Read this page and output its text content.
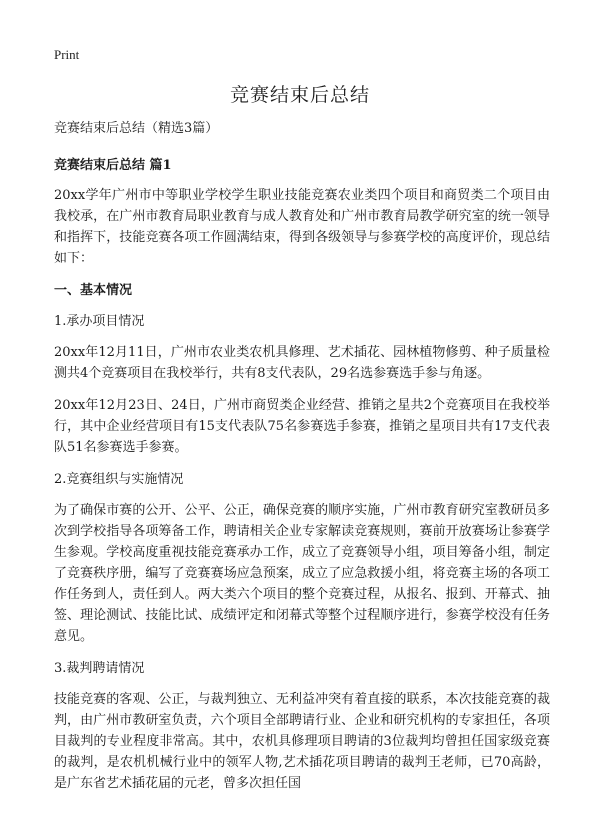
Print
竞赛结束后总结

竞赛结束后总结（精选3篇）

竞赛结束后总结 篇1

20xx学年广州市中等职业学校学生职业技能竞赛农业类四个项目和商贸类二个项目由我校承，在广州市教育局职业教育与成人教育处和广州市教育局教学研究室的统一领导和指挥下，技能竞赛各项工作圆满结束，得到各级领导与参赛学校的高度评价，现总结如下：

一、基本情况

1.承办项目情况

20xx年12月11日，广州市农业类农机具修理、艺术插花、园林植物修剪、种子质量检测共4个竞赛项目在我校举行，共有8支代表队，29名选参赛选手参与角逐。

20xx年12月23日、24日，广州市商贸类企业经营、推销之星共2个竞赛项目在我校举行，其中企业经营项目有15支代表队75名参赛选手参赛，推销之星项目共有17支代表队51名参赛选手参赛。

2.竞赛组织与实施情况

为了确保市赛的公开、公平、公正，确保竞赛的顺序实施，广州市教育研究室教研员多次到学校指导各项筹备工作，聘请相关企业专家解读竞赛规则，赛前开放赛场让参赛学生参观。学校高度重视技能竞赛承办工作，成立了竞赛领导小组，项目筹备小组，制定了竞赛秩序册，编写了竞赛赛场应急预案，成立了应急救援小组，将竞赛主场的各项工作任务到人，责任到人。两大类六个项目的整个竞赛过程，从报名、报到、开幕式、抽签、理论测试、技能比试、成绩评定和闭幕式等整个过程顺序进行，参赛学校没有任务意见。

3.裁判聘请情况

技能竞赛的客观、公正，与裁判独立、无利益冲突有着直接的联系，本次技能竞赛的裁判，由广州市教研室负责，六个项目全部聘请行业、企业和研究机构的专家担任，各项目裁判的专业程度非常高。其中，农机具修理项目聘请的3位裁判均曾担任国家级竞赛的裁判，是农机机械行业中的领军人物,艺术插花项目聘请的裁判王老师，已70高龄，是广东省艺术插花届的元老，曾多次担任国
